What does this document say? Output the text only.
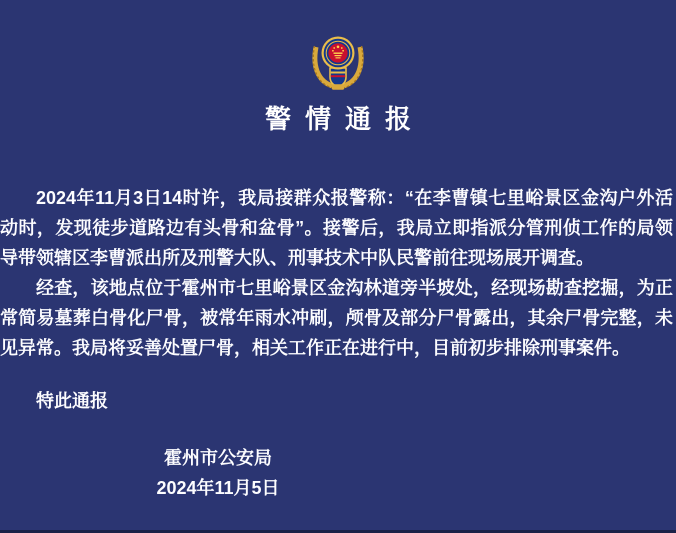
警情通报

2024年11月3日14时许，我局接群众报警称：“在李曹镇七里峪景区金沟户外活动时，发现徒步道路边有头骨和盆骨”。接警后，我局立即指派分管刑侦工作的局领导带领辖区李曹派出所及刑警大队、刑事技术中队民警前往现场展开调查。

经查，该地点位于霍州市七里峪景区金沟林道旁半坡处，经现场勘查挖掘，为正常简易墓葬白骨化尸骨，被常年雨水冲刷，颅骨及部分尸骨露出，其余尸骨完整，未见异常。我局将妥善处置尸骨，相关工作正在进行中，目前初步排除刑事案件。

特此通报

霍州市公安局
2024年11月5日
